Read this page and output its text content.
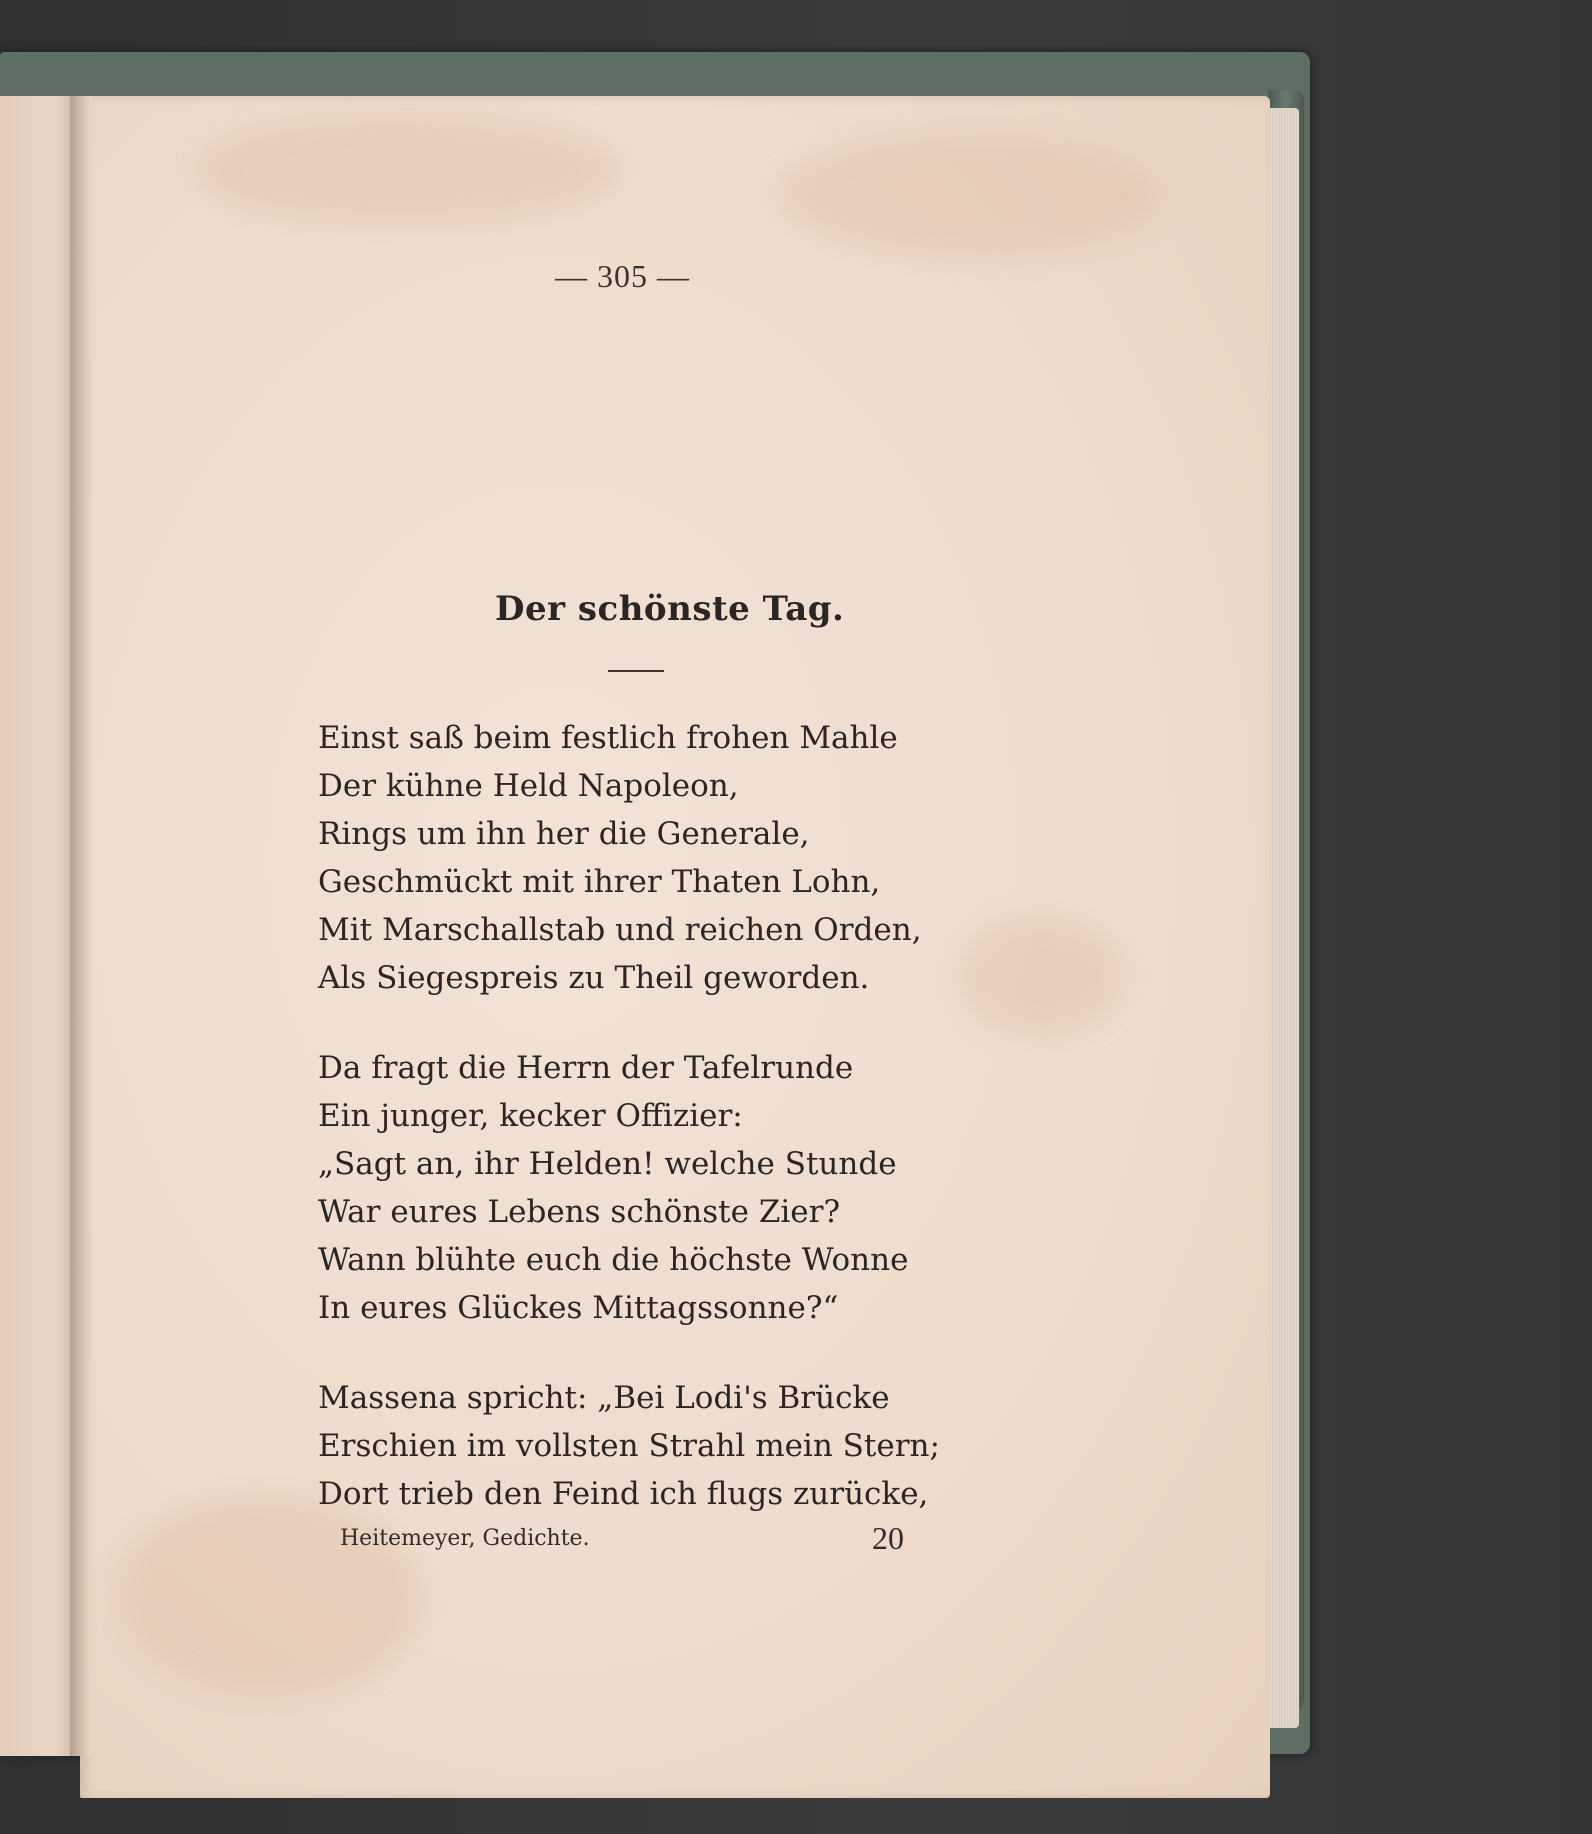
— 305 —
Der schönste Tag.
Einst saß beim festlich frohen Mahle
Der kühne Held Napoleon,
Rings um ihn her die Generale,
Geschmückt mit ihrer Thaten Lohn,
Mit Marschallstab und reichen Orden,
Als Siegespreis zu Theil geworden.
Da fragt die Herrn der Tafelrunde
Ein junger, kecker Offizier:
„Sagt an, ihr Helden! welche Stunde
War eures Lebens schönste Zier?
Wann blühte euch die höchste Wonne
In eures Glückes Mittagssonne?“
Massena spricht: „Bei Lodi's Brücke
Erschien im vollsten Strahl mein Stern;
Dort trieb den Feind ich flugs zurücke,
Heitemeyer, Gedichte.	20
